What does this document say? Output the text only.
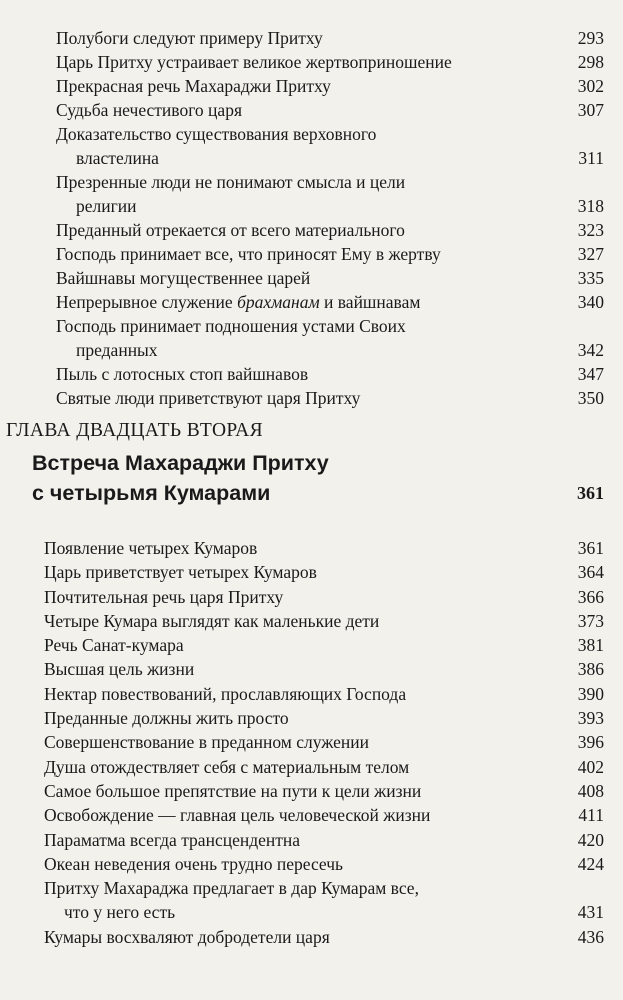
Полубоги следуют примеру Притху	293
Царь Притху устраивает великое жертвоприношение	298
Прекрасная речь Махараджи Притху	302
Судьба нечестивого царя	307
Доказательство существования верховного
властелина	311
Презренные люди не понимают смысла и цели
религии	318
Преданный отрекается от всего материального	323
Господь принимает все, что приносят Ему в жертву	327
Вайшнавы могущественнее царей	335
Непрерывное служение брахманам и вайшнавам	340
Господь принимает подношения устами Своих
преданных	342
Пыль с лотосных стоп вайшнавов	347
Святые люди приветствуют царя Притху	350
ГЛАВА ДВАДЦАТЬ ВТОРАЯ
Встреча Махараджи Притху
с четырьмя Кумарами	361
Появление четырех Кумаров	361
Царь приветствует четырех Кумаров	364
Почтительная речь царя Притху	366
Четыре Кумара выглядят как маленькие дети	373
Речь Санат-кумара	381
Высшая цель жизни	386
Нектар повествований, прославляющих Господа	390
Преданные должны жить просто	393
Совершенствование в преданном служении	396
Душа отождествляет себя с материальным телом	402
Самое большое препятствие на пути к цели жизни	408
Освобождение — главная цель человеческой жизни	411
Параматма всегда трансцендентна	420
Океан неведения очень трудно пересечь	424
Притху Махараджа предлагает в дар Кумарам все,
что у него есть	431
Кумары восхваляют добродетели царя	436
